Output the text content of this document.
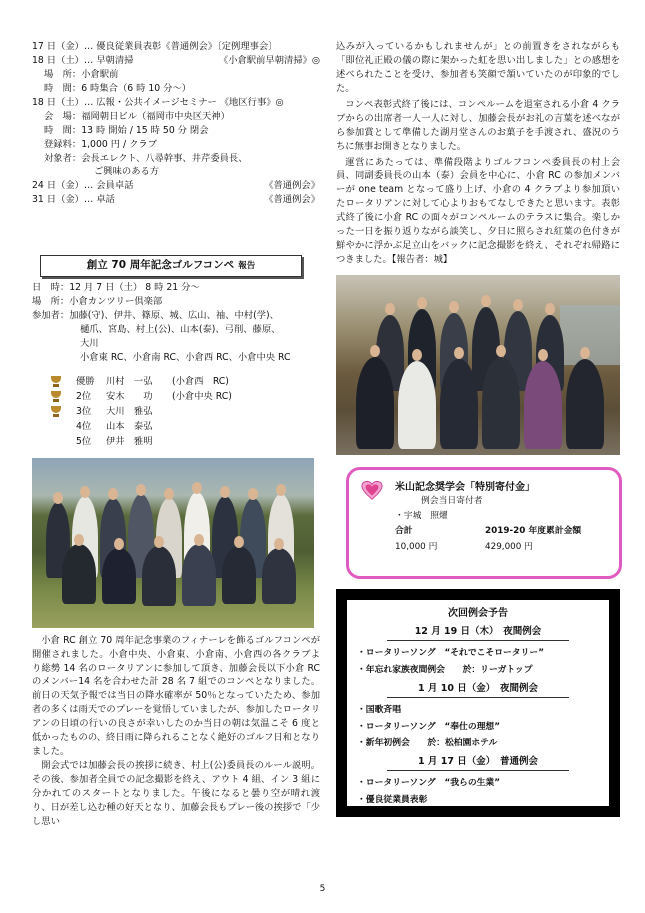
17 日（金）… 優良従業員表彰《普通例会》〔定例理事会〕
18 日（土）… 早朝清掃	《小倉駅前早朝清掃》◎
場　所：小倉駅前
時　間：6 時集合（6 時 10 分～）
18 日（土）… 広報・公共イメージセミナー 《地区行事》◎
会　場：福岡朝日ビル（福岡市中央区天神）
時　間：13 時 開始 / 15 時 50 分 閉会
登録料：1,000 円 / クラブ
対象者：会長エレクト、八尋幹事、井芹委員長、
ご興味のある方
24 日（金）… 会員卓話	《普通例会》
31 日（金）… 卓話	《普通例会》
創立 70 周年記念ゴルフコンペ 報告
日　時：12 月 7 日（土） 8 時 21 分～
場　所：小倉カンツリー倶楽部
参加者：加藤(守)、伊井、篠原、城、広山、袖、中村(学)、
樋爪、宮島、村上(公)、山本(泰)、弓削、藤原、
大川
小倉東 RC、小倉南 RC、小倉西 RC、小倉中央 RC
優勝	川村　一弘	(小倉西　RC)
2位	安木　　功	(小倉中央 RC)
3位	大川　雅弘
4位	山本　泰弘
5位	伊井　雅明

小倉 RC 創立 70 周年記念事業のフィナーレを飾るゴルフコンペが開催されました。小倉中央、小倉東、小倉南、小倉西の各クラブより総勢 14 名のロータリアンに参加して頂き、加藤会長以下小倉 RC のメンバー14 名を合わせた計 28 名 7 組でのコンペとなりました。前日の天気予報では当日の降水確率が 50％となっていたため、参加者の多くは雨天でのプレーを覚悟していましたが、参加したロータリアンの日頃の行いの良さが幸いしたのか当日の朝は気温こそ 6 度と低かったものの、終日雨に降られることなく絶好のゴルフ日和となりました。

開会式では加藤会長の挨拶に続き、村上(公)委員長のルール説明。その後、参加者全員での記念撮影を終え、アウト 4 組、イン 3 組に分かれてのスタートとなりました。午後になると曇り空が晴れ渡り、日が差し込む種の好天となり、加藤会長もプレー後の挨拶で「少し思い

込みが入っているかもしれませんが」との前置きをされながらも「即位礼正殿の儀の際に架かった虹を思い出しました」との感想を述べられたことを受け、参加者も笑顔で頷いていたのが印象的でした。

コンペ表彰式終了後には、コンペルームを退室される小倉 4 クラブからの出席者一人一人に対し、加藤会長がお礼の言葉を述べながら参加賞として準備した湖月堂さんのお菓子を手渡され、盛況のうちに無事お開きとなりました。

運営にあたっては、準備段階よりゴルフコンペ委員長の村上会員、同副委員長の山本（泰）会員を中心に、小倉 RC の参加メンバーが one team となって盛り上げ、小倉の 4 クラブより参加頂いたロータリアンに対して心よりおもてなしできたと思います。表彰式終了後に小倉 RC の面々がコンペルームのテラスに集合。楽しかった一日を振り返りながら談笑し、夕日に照らされ紅葉の色付きが鮮やかに浮かぶ足立山をバックに記念撮影を終え、それぞれ帰路につきました。【報告者：城】

米山記念奨学会「特別寄付金」
例会当日寄付者
・宇城　照燿
合計	2019-20 年度累計金額
10,000 円	429,000 円
次回例会予告
12 月 19 日（木）　夜間例会
・ロータリーソング　“それでこそロータリー”
・年忘れ家族夜間例会　　於：リーガトップ
1 月 10 日（金）　夜間例会
・国歌斉唱
・ロータリーソング　“奉仕の理想”
・新年初例会　　於：松柏園ホテル
1 月 17 日（金）　普通例会
・ロータリーソング　“我らの生業”
・優良従業員表彰
5
